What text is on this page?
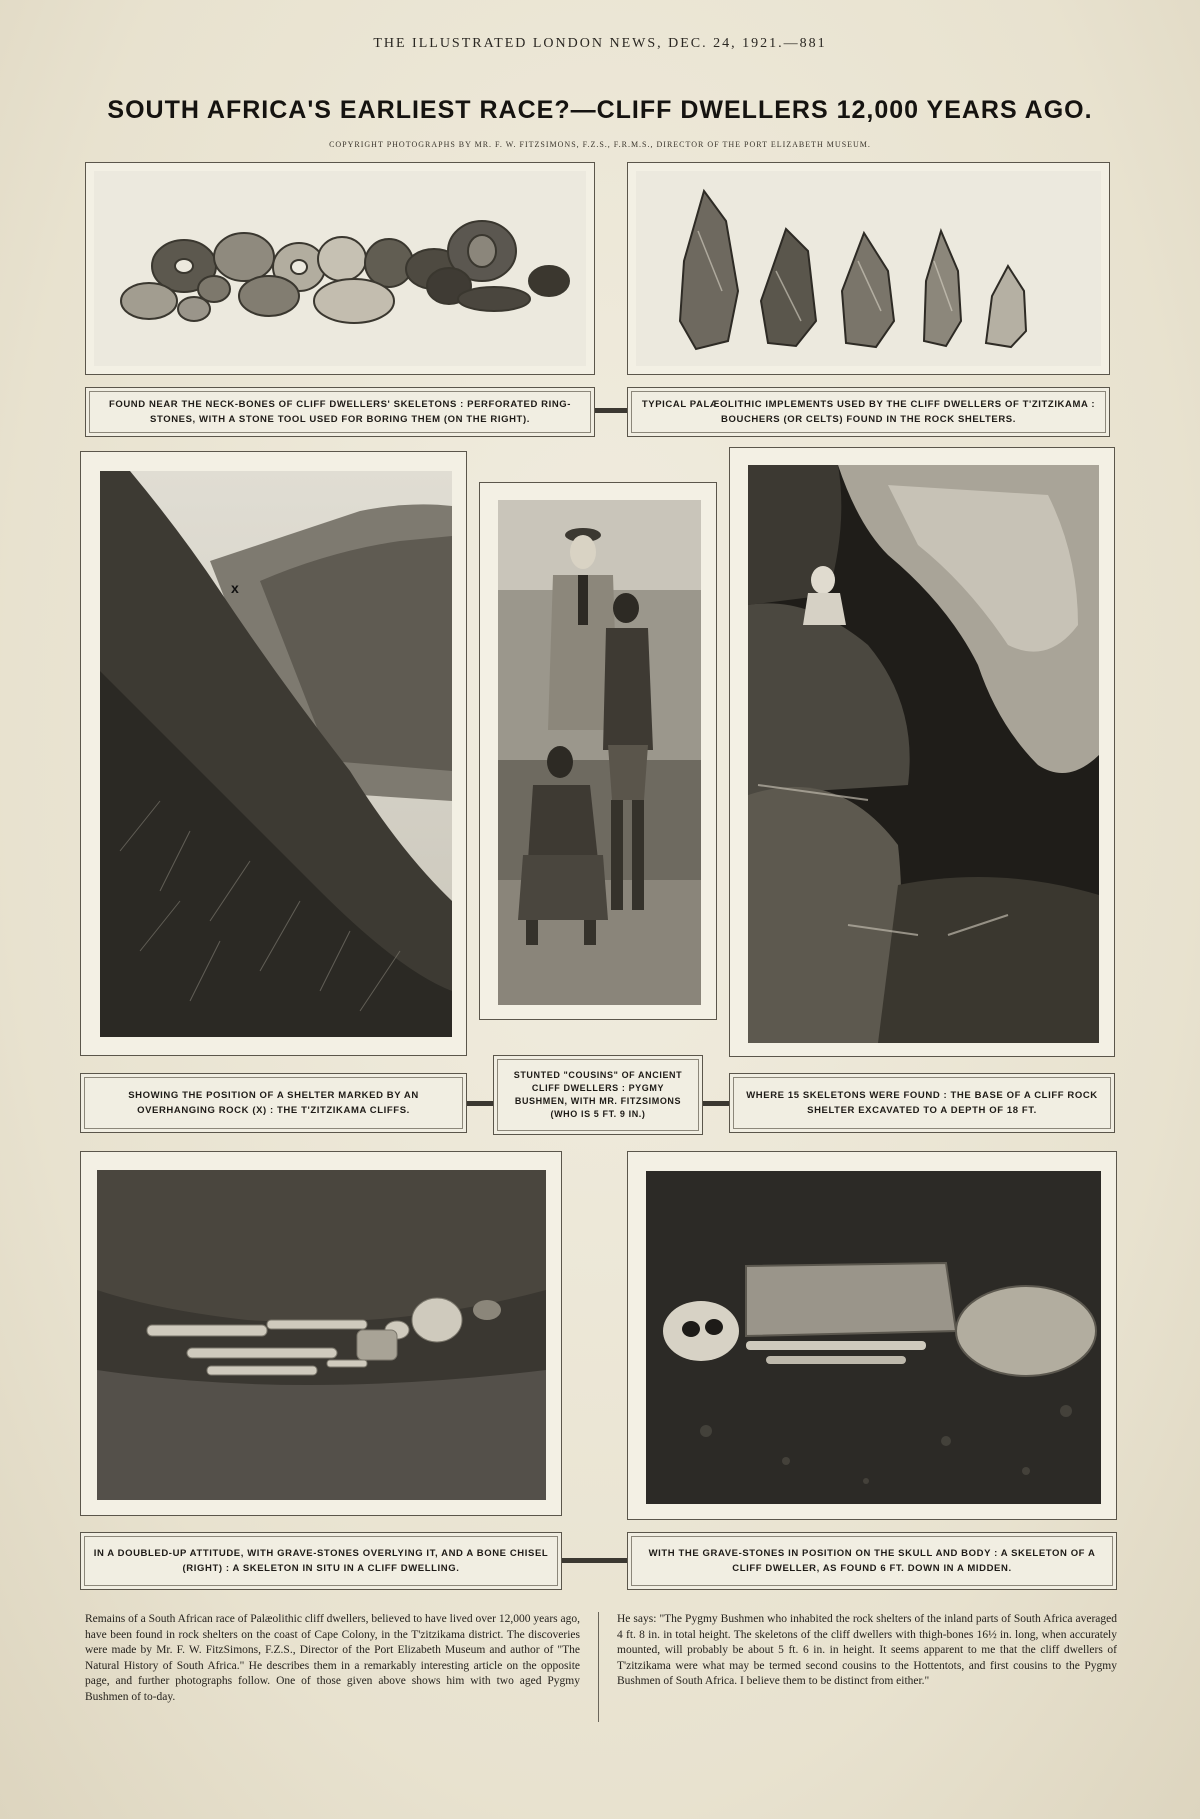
THE ILLUSTRATED LONDON NEWS, DEC. 24, 1921.—881
SOUTH AFRICA'S EARLIEST RACE?—CLIFF DWELLERS 12,000 YEARS AGO.
COPYRIGHT PHOTOGRAPHS BY MR. F. W. FITZSIMONS, F.Z.S., F.R.M.S., DIRECTOR OF THE PORT ELIZABETH MUSEUM.
FOUND NEAR THE NECK-BONES OF CLIFF DWELLERS' SKELETONS : PERFORATED RING-STONES, WITH A STONE TOOL USED FOR BORING THEM (ON THE RIGHT).
TYPICAL PALÆOLITHIC IMPLEMENTS USED BY THE CLIFF DWELLERS OF T'ZITZIKAMA : BOUCHERS (OR CELTS) FOUND IN THE ROCK SHELTERS.
x
SHOWING THE POSITION OF A SHELTER MARKED BY AN OVERHANGING ROCK (X) : THE T'ZITZIKAMA CLIFFS.
STUNTED "COUSINS" OF ANCIENT CLIFF DWELLERS : PYGMY BUSHMEN, WITH MR. FITZSIMONS (WHO IS 5 FT. 9 IN.)
WHERE 15 SKELETONS WERE FOUND : THE BASE OF A CLIFF ROCK SHELTER EXCAVATED TO A DEPTH OF 18 FT.
IN A DOUBLED-UP ATTITUDE, WITH GRAVE-STONES OVERLYING IT, AND A BONE CHISEL (RIGHT) : A SKELETON IN SITU IN A CLIFF DWELLING.
WITH THE GRAVE-STONES IN POSITION ON THE SKULL AND BODY : A SKELETON OF A CLIFF DWELLER, AS FOUND 6 FT. DOWN IN A MIDDEN.
Remains of a South African race of Palæolithic cliff dwellers, believed to have lived over 12,000 years ago, have been found in rock shelters on the coast of Cape Colony, in the T'zitzikama district. The discoveries were made by Mr. F. W. FitzSimons, F.Z.S., Director of the Port Elizabeth Museum and author of "The Natural History of South Africa." He describes them in a remarkably interesting article on the opposite page, and further photographs follow. One of those given above shows him with two aged Pygmy Bushmen of to-day.
He says: "The Pygmy Bushmen who inhabited the rock shelters of the inland parts of South Africa averaged 4 ft. 8 in. in total height. The skeletons of the cliff dwellers with thigh-bones 16½ in. long, when accurately mounted, will probably be about 5 ft. 6 in. in height. It seems apparent to me that the cliff dwellers of T'zitzikama were what may be termed second cousins to the Hottentots, and first cousins to the Pygmy Bushmen of South Africa. I believe them to be distinct from either."
